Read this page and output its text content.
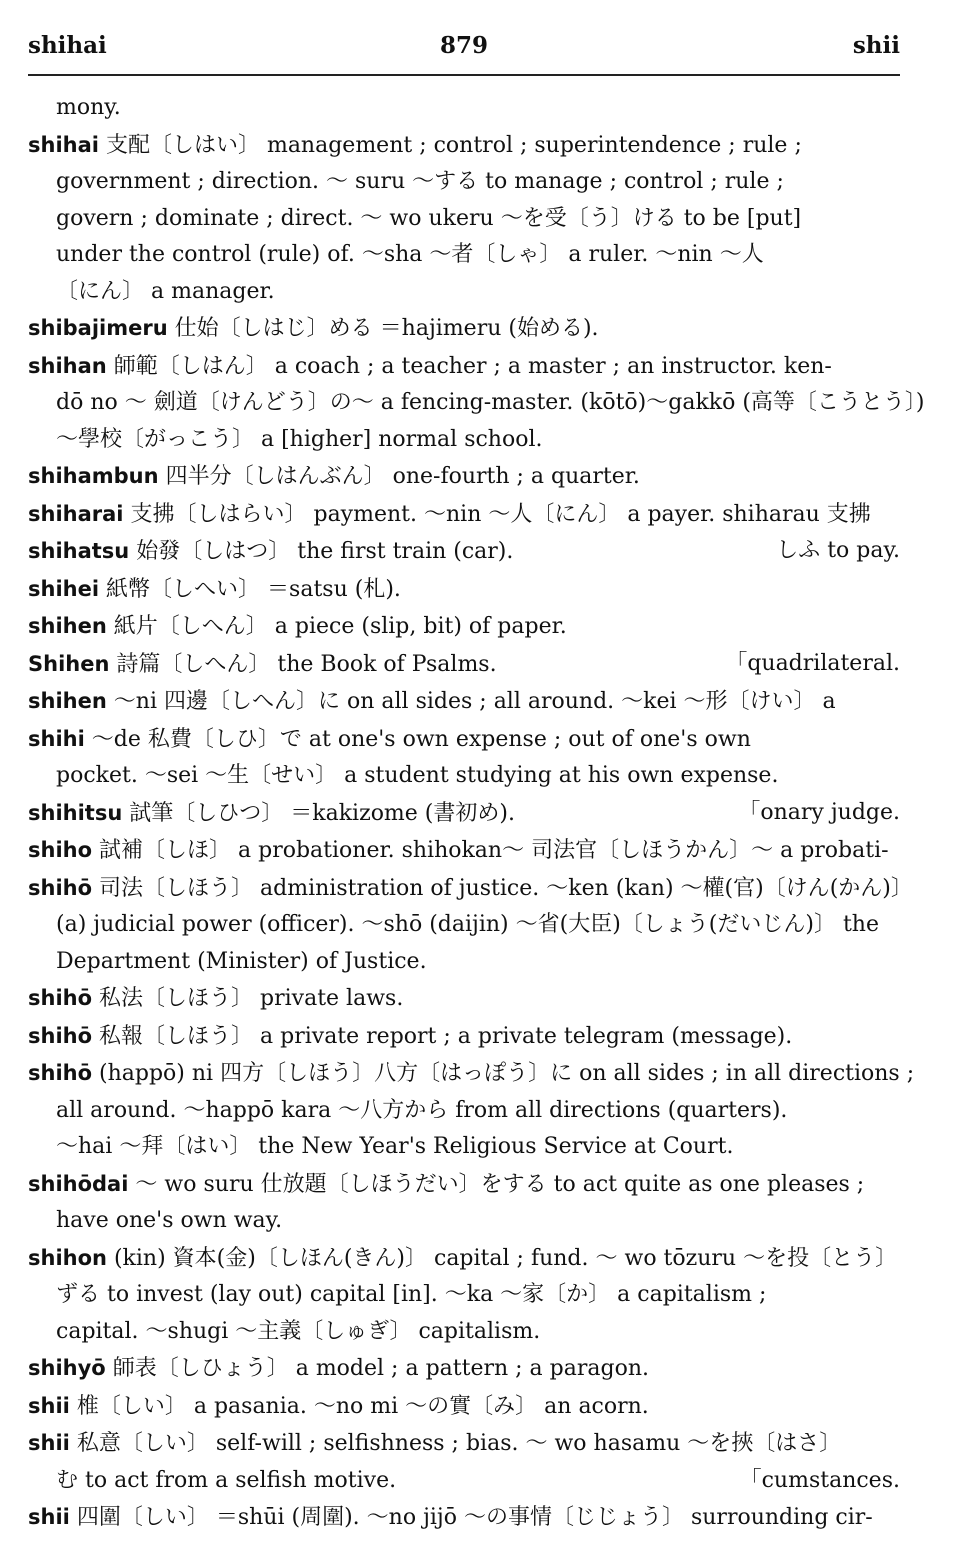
shihai	879	shii
mony.
shihai 支配〔しはい〕 management ; control ; superintendence ; rule ;
government ; direction. ～ suru ～する to manage ; control ; rule ;
govern ; dominate ; direct. ～ wo ukeru ～を受〔う〕ける to be [put]
under the control (rule) of. ～sha ～者〔しゃ〕 a ruler. ～nin ～人
〔にん〕 a manager.
shibajimeru 仕始〔しはじ〕める ＝hajimeru (始める).
shihan 師範〔しはん〕 a coach ; a teacher ; a master ; an instructor. ken-
dō no ～ 劍道〔けんどう〕の～ a fencing-master. (kōtō)～gakkō (高等〔こうとう〕)
～學校〔がっこう〕 a [higher] normal school.
shihambun 四半分〔しはんぶん〕 one-fourth ; a quarter.
shiharai 支拂〔しはらい〕 payment. ～nin ～人〔にん〕 a payer. shiharau 支拂
しふ to pay.
shihatsu 始發〔しはつ〕 the first train (car).
shihei 紙幣〔しへい〕 ＝satsu (札).
shihen 紙片〔しへん〕 a piece (slip, bit) of paper.
「quadrilateral.
Shihen 詩篇〔しへん〕 the Book of Psalms.
shihen ～ni 四邊〔しへん〕に on all sides ; all around. ～kei ～形〔けい〕 a
shihi ～de 私費〔しひ〕で at one's own expense ; out of one's own
pocket. ～sei ～生〔せい〕 a student studying at his own expense.
「onary judge.
shihitsu 試筆〔しひつ〕 ＝kakizome (書初め).
shiho 試補〔しほ〕 a probationer. shihokan～ 司法官〔しほうかん〕～ a probati-
shihō 司法〔しほう〕 administration of justice. ～ken (kan) ～權(官)〔けん(かん)〕
(a) judicial power (officer). ～shō (daijin) ～省(大臣)〔しょう(だいじん)〕 the
Department (Minister) of Justice.
shihō 私法〔しほう〕 private laws.
shihō 私報〔しほう〕 a private report ; a private telegram (message).
shihō (happō) ni 四方〔しほう〕八方〔はっぽう〕に on all sides ; in all directions ;
all around. ～happō kara ～八方から from all directions (quarters).
～hai ～拜〔はい〕 the New Year's Religious Service at Court.
shihōdai ～ wo suru 仕放題〔しほうだい〕をする to act quite as one pleases ;
have one's own way.
shihon (kin) 資本(金)〔しほん(きん)〕 capital ; fund. ～ wo tōzuru ～を投〔とう〕
ずる to invest (lay out) capital [in]. ～ka ～家〔か〕 a capitalism ;
capital. ～shugi ～主義〔しゅぎ〕 capitalism.
shihyō 師表〔しひょう〕 a model ; a pattern ; a paragon.
shii 椎〔しい〕 a pasania. ～no mi ～の實〔み〕 an acorn.
shii 私意〔しい〕 self-will ; selfishness ; bias. ～ wo hasamu ～を挾〔はさ〕
「cumstances.
む to act from a selfish motive.
shii 四圍〔しい〕 ＝shūi (周圍). ～no jijō ～の事情〔じじょう〕 surrounding cir-
